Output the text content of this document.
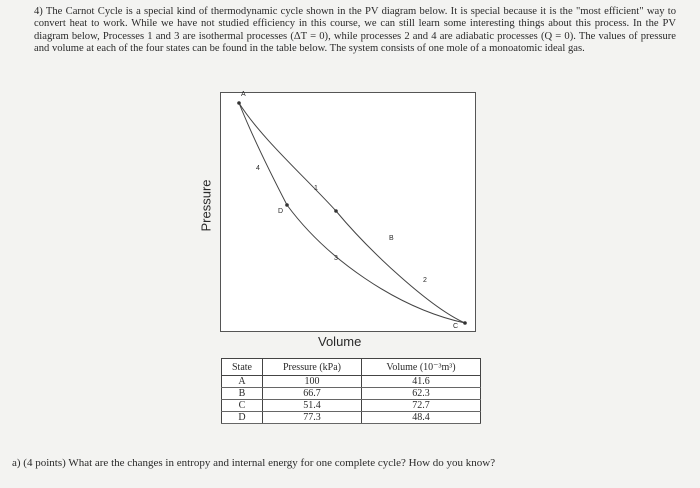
4) The Carnot Cycle is a special kind of thermodynamic cycle shown in the PV diagram below. It is special because it is the "most efficient" way to convert heat to work. While we have not studied efficiency in this course, we can still learn some interesting things about this process. In the PV diagram below, Processes 1 and 3 are isothermal processes (ΔT = 0), while processes 2 and 4 are adiabatic processes (Q = 0). The values of pressure and volume at each of the four states can be found in the table below. The system consists of one mole of a monoatomic ideal gas.
A
B
C
D
1
2
3
4
Pressure
Volume
State	Pressure (kPa)	Volume (10⁻³m³)
A	100	41.6
B	66.7	62.3
C	51.4	72.7
D	77.3	48.4
a) (4 points) What are the changes in entropy and internal energy for one complete cycle? How do you know?
